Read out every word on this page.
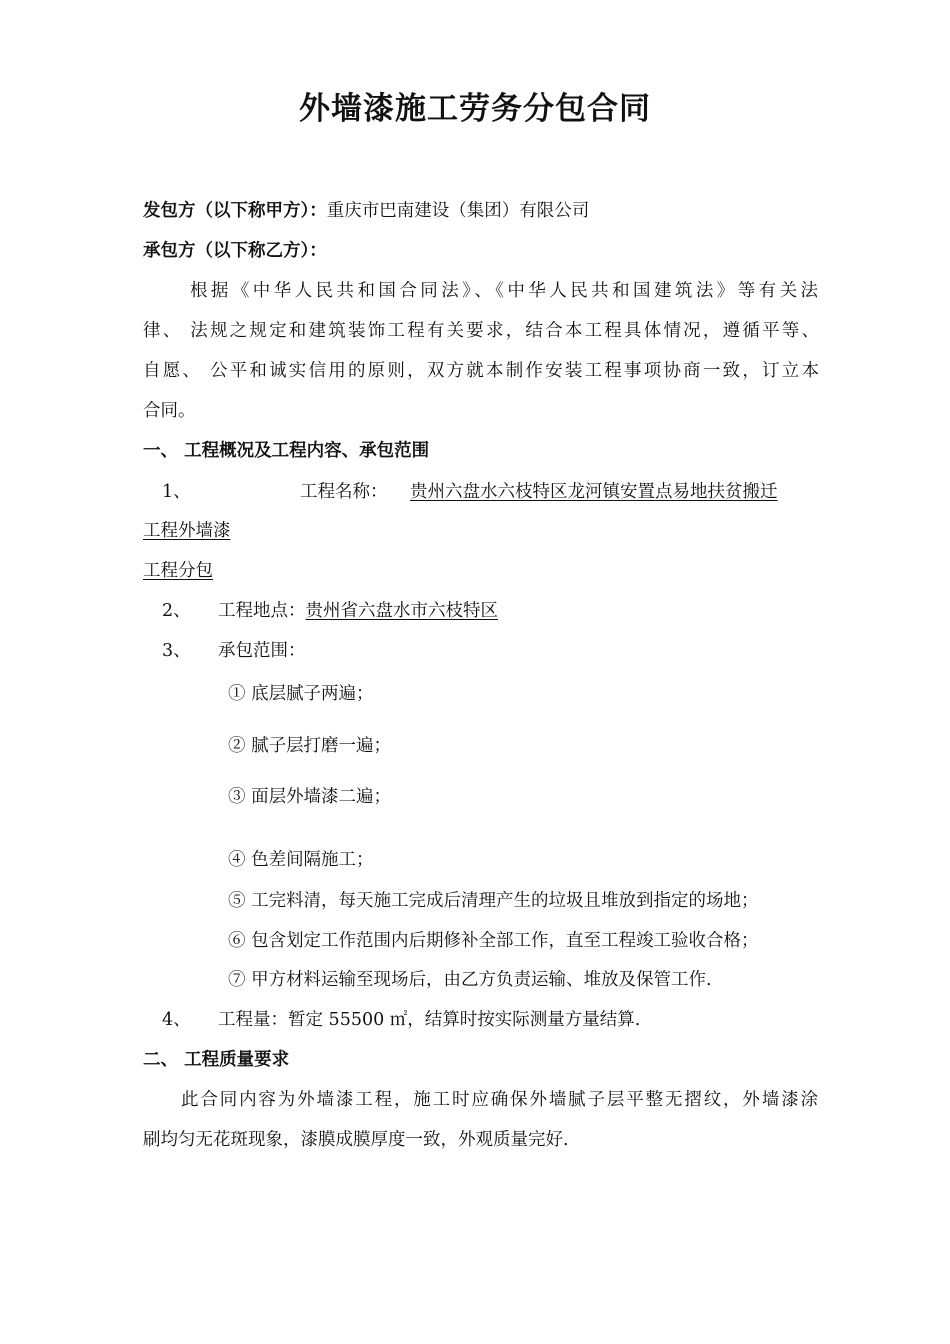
外墙漆施工劳务分包合同
发包方（以下称甲方）：重庆市巴南建设（集团）有限公司
承包方（以下称乙方）：
根据《中华人民共和国合同法》、《中华人民共和国建筑法》等有关法
律、 法规之规定和建筑装饰工程有关要求，结合本工程具体情况，遵循平等、
自愿、 公平和诚实信用的原则，双方就本制作安装工程事项协商一致，订立本
合同。
一、 工程概况及工程内容、承包范围
1、	工程名称： 贵州六盘水六枝特区龙河镇安置点易地扶贫搬迁
工程外墙漆
工程分包
2、 工程地点：贵州省六盘水市六枝特区
3、 承包范围：
① 底层腻子两遍；
② 腻子层打磨一遍；
③ 面层外墙漆二遍；
④ 色差间隔施工；
⑤ 工完料清，每天施工完成后清理产生的垃圾且堆放到指定的场地；
⑥ 包含划定工作范围内后期修补全部工作，直至工程竣工验收合格；
⑦ 甲方材料运输至现场后，由乙方负责运输、堆放及保管工作.
4、 工程量：暂定 55500 ㎡，结算时按实际测量方量结算.
二、 工程质量要求
此合同内容为外墙漆工程，施工时应确保外墙腻子层平整无摺纹，外墙漆涂
刷均匀无花斑现象，漆膜成膜厚度一致，外观质量完好.
